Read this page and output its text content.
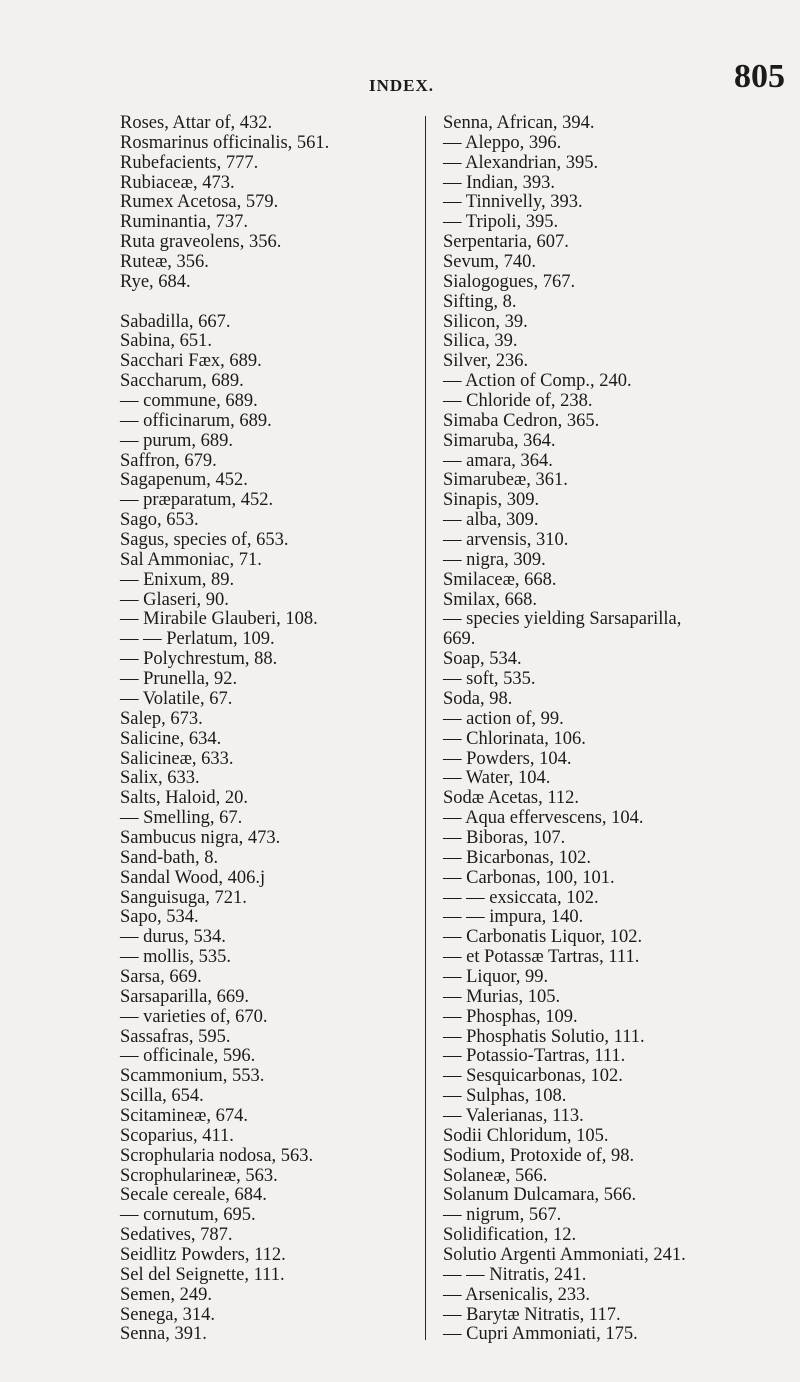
INDEX.	805
Roses, Attar of, 432.
Rosmarinus officinalis, 561.
Rubefacients, 777.
Rubiaceæ, 473.
Rumex Acetosa, 579.
Ruminantia, 737.
Ruta graveolens, 356.
Ruteæ, 356.
Rye, 684.
Sabadilla, 667.
Sabina, 651.
Sacchari Fæx, 689.
Saccharum, 689.
— commune, 689.
— officinarum, 689.
— purum, 689.
Saffron, 679.
Sagapenum, 452.
— præparatum, 452.
Sago, 653.
Sagus, species of, 653.
Sal Ammoniac, 71.
— Enixum, 89.
— Glaseri, 90.
— Mirabile Glauberi, 108.
— — Perlatum, 109.
— Polychrestum, 88.
— Prunella, 92.
— Volatile, 67.
Salep, 673.
Salicine, 634.
Salicineæ, 633.
Salix, 633.
Salts, Haloid, 20.
— Smelling, 67.
Sambucus nigra, 473.
Sand-bath, 8.
Sandal Wood, 406.j
Sanguisuga, 721.
Sapo, 534.
— durus, 534.
— mollis, 535.
Sarsa, 669.
Sarsaparilla, 669.
— varieties of, 670.
Sassafras, 595.
— officinale, 596.
Scammonium, 553.
Scilla, 654.
Scitamineæ, 674.
Scoparius, 411.
Scrophularia nodosa, 563.
Scrophularineæ, 563.
Secale cereale, 684.
— cornutum, 695.
Sedatives, 787.
Seidlitz Powders, 112.
Sel del Seignette, 111.
Semen, 249.
Senega, 314.
Senna, 391.
Senna, African, 394.
— Aleppo, 396.
— Alexandrian, 395.
— Indian, 393.
— Tinnivelly, 393.
— Tripoli, 395.
Serpentaria, 607.
Sevum, 740.
Sialogogues, 767.
Sifting, 8.
Silicon, 39.
Silica, 39.
Silver, 236.
— Action of Comp., 240.
— Chloride of, 238.
Simaba Cedron, 365.
Simaruba, 364.
— amara, 364.
Simarubeæ, 361.
Sinapis, 309.
— alba, 309.
— arvensis, 310.
— nigra, 309.
Smilaceæ, 668.
Smilax, 668.
— species yielding Sarsaparilla,
669.
Soap, 534.
— soft, 535.
Soda, 98.
— action of, 99.
— Chlorinata, 106.
— Powders, 104.
— Water, 104.
Sodæ Acetas, 112.
— Aqua effervescens, 104.
— Biboras, 107.
— Bicarbonas, 102.
— Carbonas, 100, 101.
— — exsiccata, 102.
— — impura, 140.
— Carbonatis Liquor, 102.
— et Potassæ Tartras, 111.
— Liquor, 99.
— Murias, 105.
— Phosphas, 109.
— Phosphatis Solutio, 111.
— Potassio-Tartras, 111.
— Sesquicarbonas, 102.
— Sulphas, 108.
— Valerianas, 113.
Sodii Chloridum, 105.
Sodium, Protoxide of, 98.
Solaneæ, 566.
Solanum Dulcamara, 566.
— nigrum, 567.
Solidification, 12.
Solutio Argenti Ammoniati, 241.
— — Nitratis, 241.
— Arsenicalis, 233.
— Barytæ Nitratis, 117.
— Cupri Ammoniati, 175.
